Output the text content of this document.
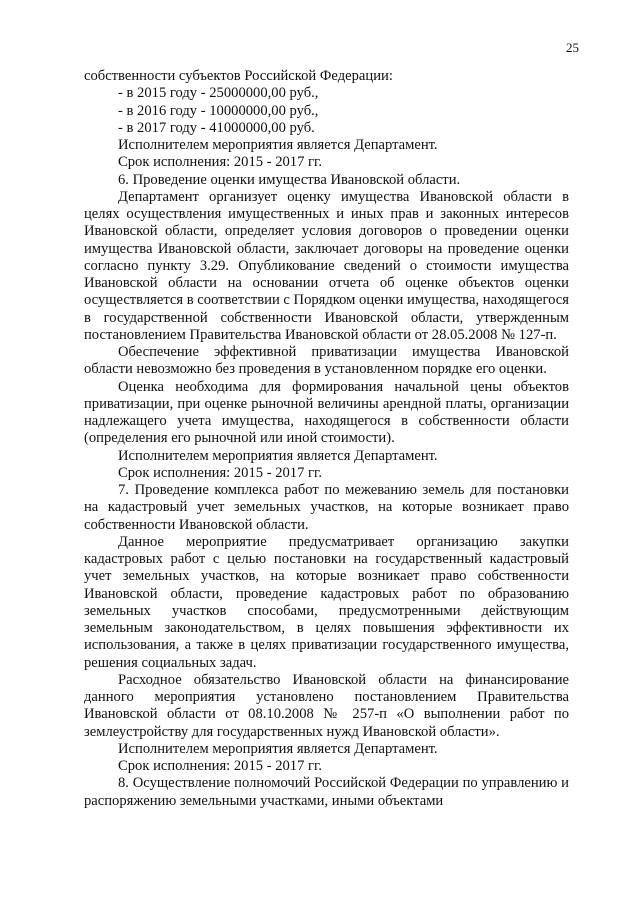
25

собственности субъектов Российской Федерации:

- в 2015 году - 25000000,00 руб.,

- в 2016 году - 10000000,00 руб.,

- в 2017 году - 41000000,00 руб.

Исполнителем мероприятия является Департамент.

Срок исполнения: 2015 - 2017 гг.

6. Проведение оценки имущества Ивановской области.

Департамент организует оценку имущества Ивановской области в целях осуществления имущественных и иных прав и законных интересов Ивановской области, определяет условия договоров о проведении оценки имущества Ивановской области, заключает договоры на проведение оценки согласно пункту 3.29. Опубликование сведений о стоимости имущества Ивановской области на основании отчета об оценке объектов оценки осуществляется в соответствии с Порядком оценки имущества, находящегося в государственной собственности Ивановской области, утвержденным постановлением Правительства Ивановской области от 28.05.2008 № 127-п.

Обеспечение эффективной приватизации имущества Ивановской области невозможно без проведения в установленном порядке его оценки.

Оценка необходима для формирования начальной цены объектов приватизации, при оценке рыночной величины арендной платы, организации надлежащего учета имущества, находящегося в собственности области (определения его рыночной или иной стоимости).

Исполнителем мероприятия является Департамент.

Срок исполнения: 2015 - 2017 гг.

7. Проведение комплекса работ по межеванию земель для постановки на кадастровый учет земельных участков, на которые возникает право собственности Ивановской области.

Данное мероприятие предусматривает организацию закупки кадастровых работ с целью постановки на государственный кадастровый учет земельных участков, на которые возникает право собственности Ивановской области, проведение кадастровых работ по образованию земельных участков способами, предусмотренными действующим земельным законодательством, в целях повышения эффективности их использования, а также в целях приватизации государственного имущества, решения социальных задач.

Расходное обязательство Ивановской области на финансирование данного мероприятия установлено постановлением Правительства Ивановской области от 08.10.2008 № 257-п «О выполнении работ по землеустройству для государственных нужд Ивановской области».

Исполнителем мероприятия является Департамент.

Срок исполнения: 2015 - 2017 гг.

8. Осуществление полномочий Российской Федерации по управлению и распоряжению земельными участками, иными объектами
